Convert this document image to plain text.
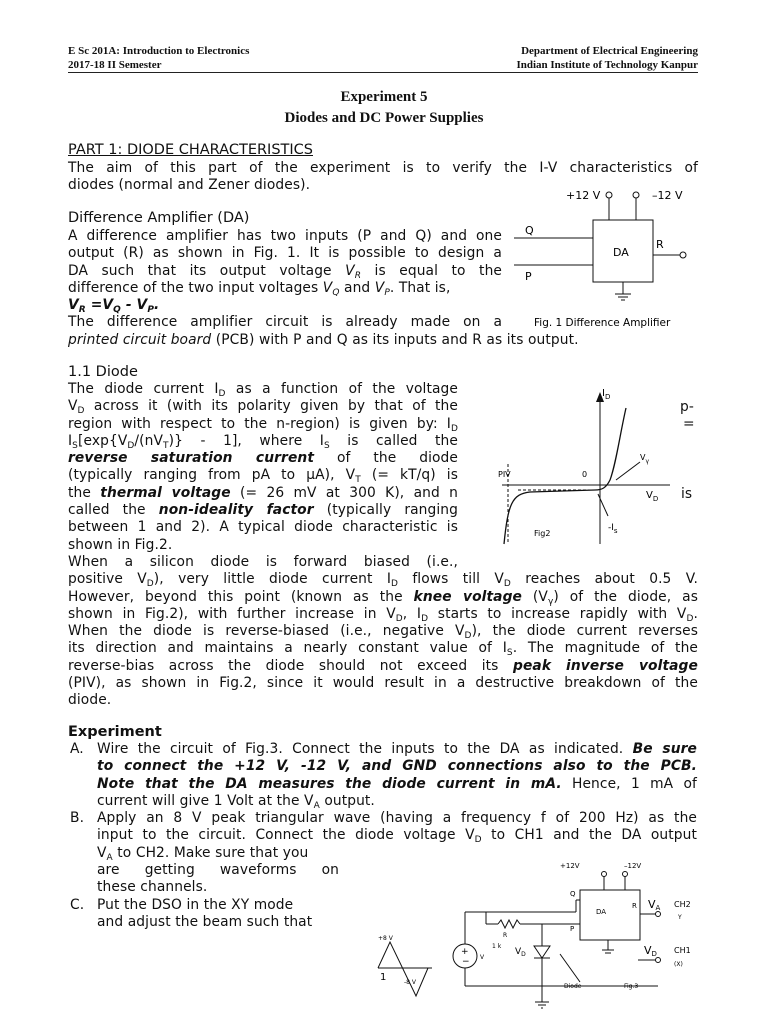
E Sc 201A: Introduction to Electronics
2017-18 II Semester
Department of Electrical Engineering
Indian Institute of Technology Kanpur
Experiment 5
Diodes and DC Power Supplies
PART 1: DIODE CHARACTERISTICS
The aim of this part of the experiment is to verify the I-V characteristics of
diodes (normal and Zener diodes).
Difference Amplifier (DA)
A difference amplifier has two inputs (P and Q) and one
output (R) as shown in Fig. 1. It is possible to design a
DA such that its output voltage $V_R$ is equal to the
difference of the two input voltages $V_Q$ and $V_P$. That is,
$V_R =V_Q - V_P$.
The difference amplifier circuit is already made on a
printed circuit board (PCB) with P and Q as its inputs and R as its output.
+12 V	–12 V
DA
Q
P
R
Fig. 1 Difference Amplifier
1.1 Diode
The diode current $I_D$ as a function of the voltage
$V_D$ across it (with its polarity given by that of the
region with respect to the n-region) is given by: $I_D$
$I_S[\exp\{V_D/(nV_T)\} - 1]$, where $I_S$ is called the
reverse saturation current of the diode
(typically ranging from pA to μA), $V_T$ (= kT/q) is
the thermal voltage (= 26 mV at 300 K), and n
called the non-ideality factor (typically ranging
between 1 and 2). A typical diode characteristic is
shown in Fig.2.
p-
=
is
$I_D$
$V_D$
PIV	0
$V_\gamma$
$-I_s$
Fig2
When a silicon diode is forward biased (i.e.,
positive $V_D$), very little diode current $I_D$ flows till $V_D$ reaches about 0.5 V.
However, beyond this point (known as the knee voltage $(V_\gamma)$ of the diode, as
shown in Fig.2), with further increase in $V_D$, $I_D$ starts to increase rapidly with $V_D$.
When the diode is reverse-biased (i.e., negative $V_D$), the diode current reverses
its direction and maintains a nearly constant value of $I_S$. The magnitude of the
reverse-bias across the diode should not exceed its peak inverse voltage
(PIV), as shown in Fig.2, since it would result in a destructive breakdown of the
diode.
Experiment
A. Wire the circuit of Fig.3. Connect the inputs to the DA as indicated. Be sure
to connect the +12 V, -12 V, and GND connections also to the PCB.
Note that the DA measures the diode current in mA. Hence, 1 mA of
current will give 1 Volt at the $V_A$ output.
B. Apply an 8 V peak triangular wave (having a frequency f of 200 Hz) as the
input to the circuit. Connect the diode voltage $V_D$ to CH1 and the DA output
$V_A$ to CH2. Make sure that you
are getting waveforms on
these channels.
C. Put the DSO in the XY mode
and adjust the beam such that
+12V	–12V
DA
Q
P
R VA CH2
Y
+
− V
R
1 k
$V_D$	VD CH1
(X)
Diode	Fig.3
+8 V
-8 V
1
